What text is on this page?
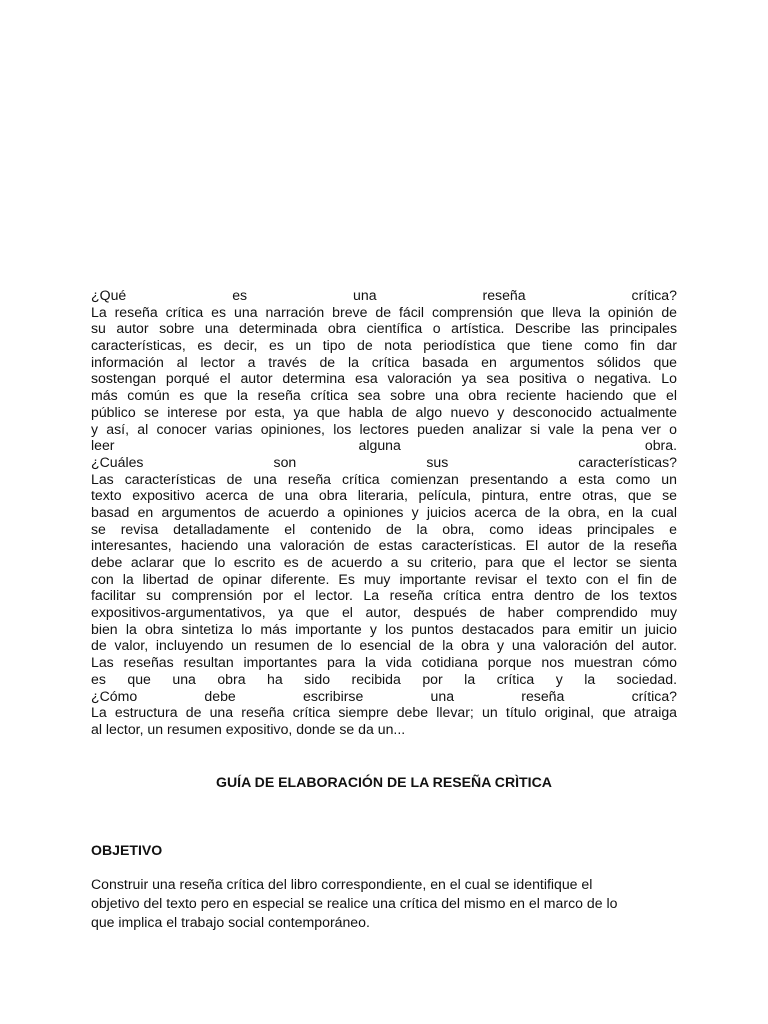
¿Qué es una reseña crítica?
La reseña crítica es una narración breve de fácil comprensión que lleva la opinión de
su autor sobre una determinada obra científica o artística. Describe las principales
características, es decir, es un tipo de nota periodística que tiene como fin dar
información al lector a través de la crítica basada en argumentos sólidos que
sostengan porqué el autor determina esa valoración ya sea positiva o negativa. Lo
más común es que la reseña crítica sea sobre una obra reciente haciendo que el
público se interese por esta, ya que habla de algo nuevo y desconocido actualmente
y así, al conocer varias opiniones, los lectores pueden analizar si vale la pena ver o
leer alguna obra.
¿Cuáles son sus características?
Las características de una reseña crítica comienzan presentando a esta como un
texto expositivo acerca de una obra literaria, película, pintura, entre otras, que se
basad en argumentos de acuerdo a opiniones y juicios acerca de la obra, en la cual
se revisa detalladamente el contenido de la obra, como ideas principales e
interesantes, haciendo una valoración de estas características. El autor de la reseña
debe aclarar que lo escrito es de acuerdo a su criterio, para que el lector se sienta
con la libertad de opinar diferente. Es muy importante revisar el texto con el fin de
facilitar su comprensión por el lector. La reseña crítica entra dentro de los textos
expositivos-argumentativos, ya que el autor, después de haber comprendido muy
bien la obra sintetiza lo más importante y los puntos destacados para emitir un juicio
de valor, incluyendo un resumen de lo esencial de la obra y una valoración del autor.
Las reseñas resultan importantes para la vida cotidiana porque nos muestran cómo
es que una obra ha sido recibida por la crítica y la sociedad.
¿Cómo debe escribirse una reseña crítica?
La estructura de una reseña crítica siempre debe llevar; un título original, que atraiga
al lector, un resumen expositivo, donde se da un...
GUÍA DE ELABORACIÓN DE LA RESEÑA CRÌTICA
OBJETIVO
Construir una reseña crítica del libro correspondiente, en el cual se identifique el
objetivo del texto pero en especial se realice una crítica del mismo en el marco de lo
que implica el trabajo social contemporáneo.
